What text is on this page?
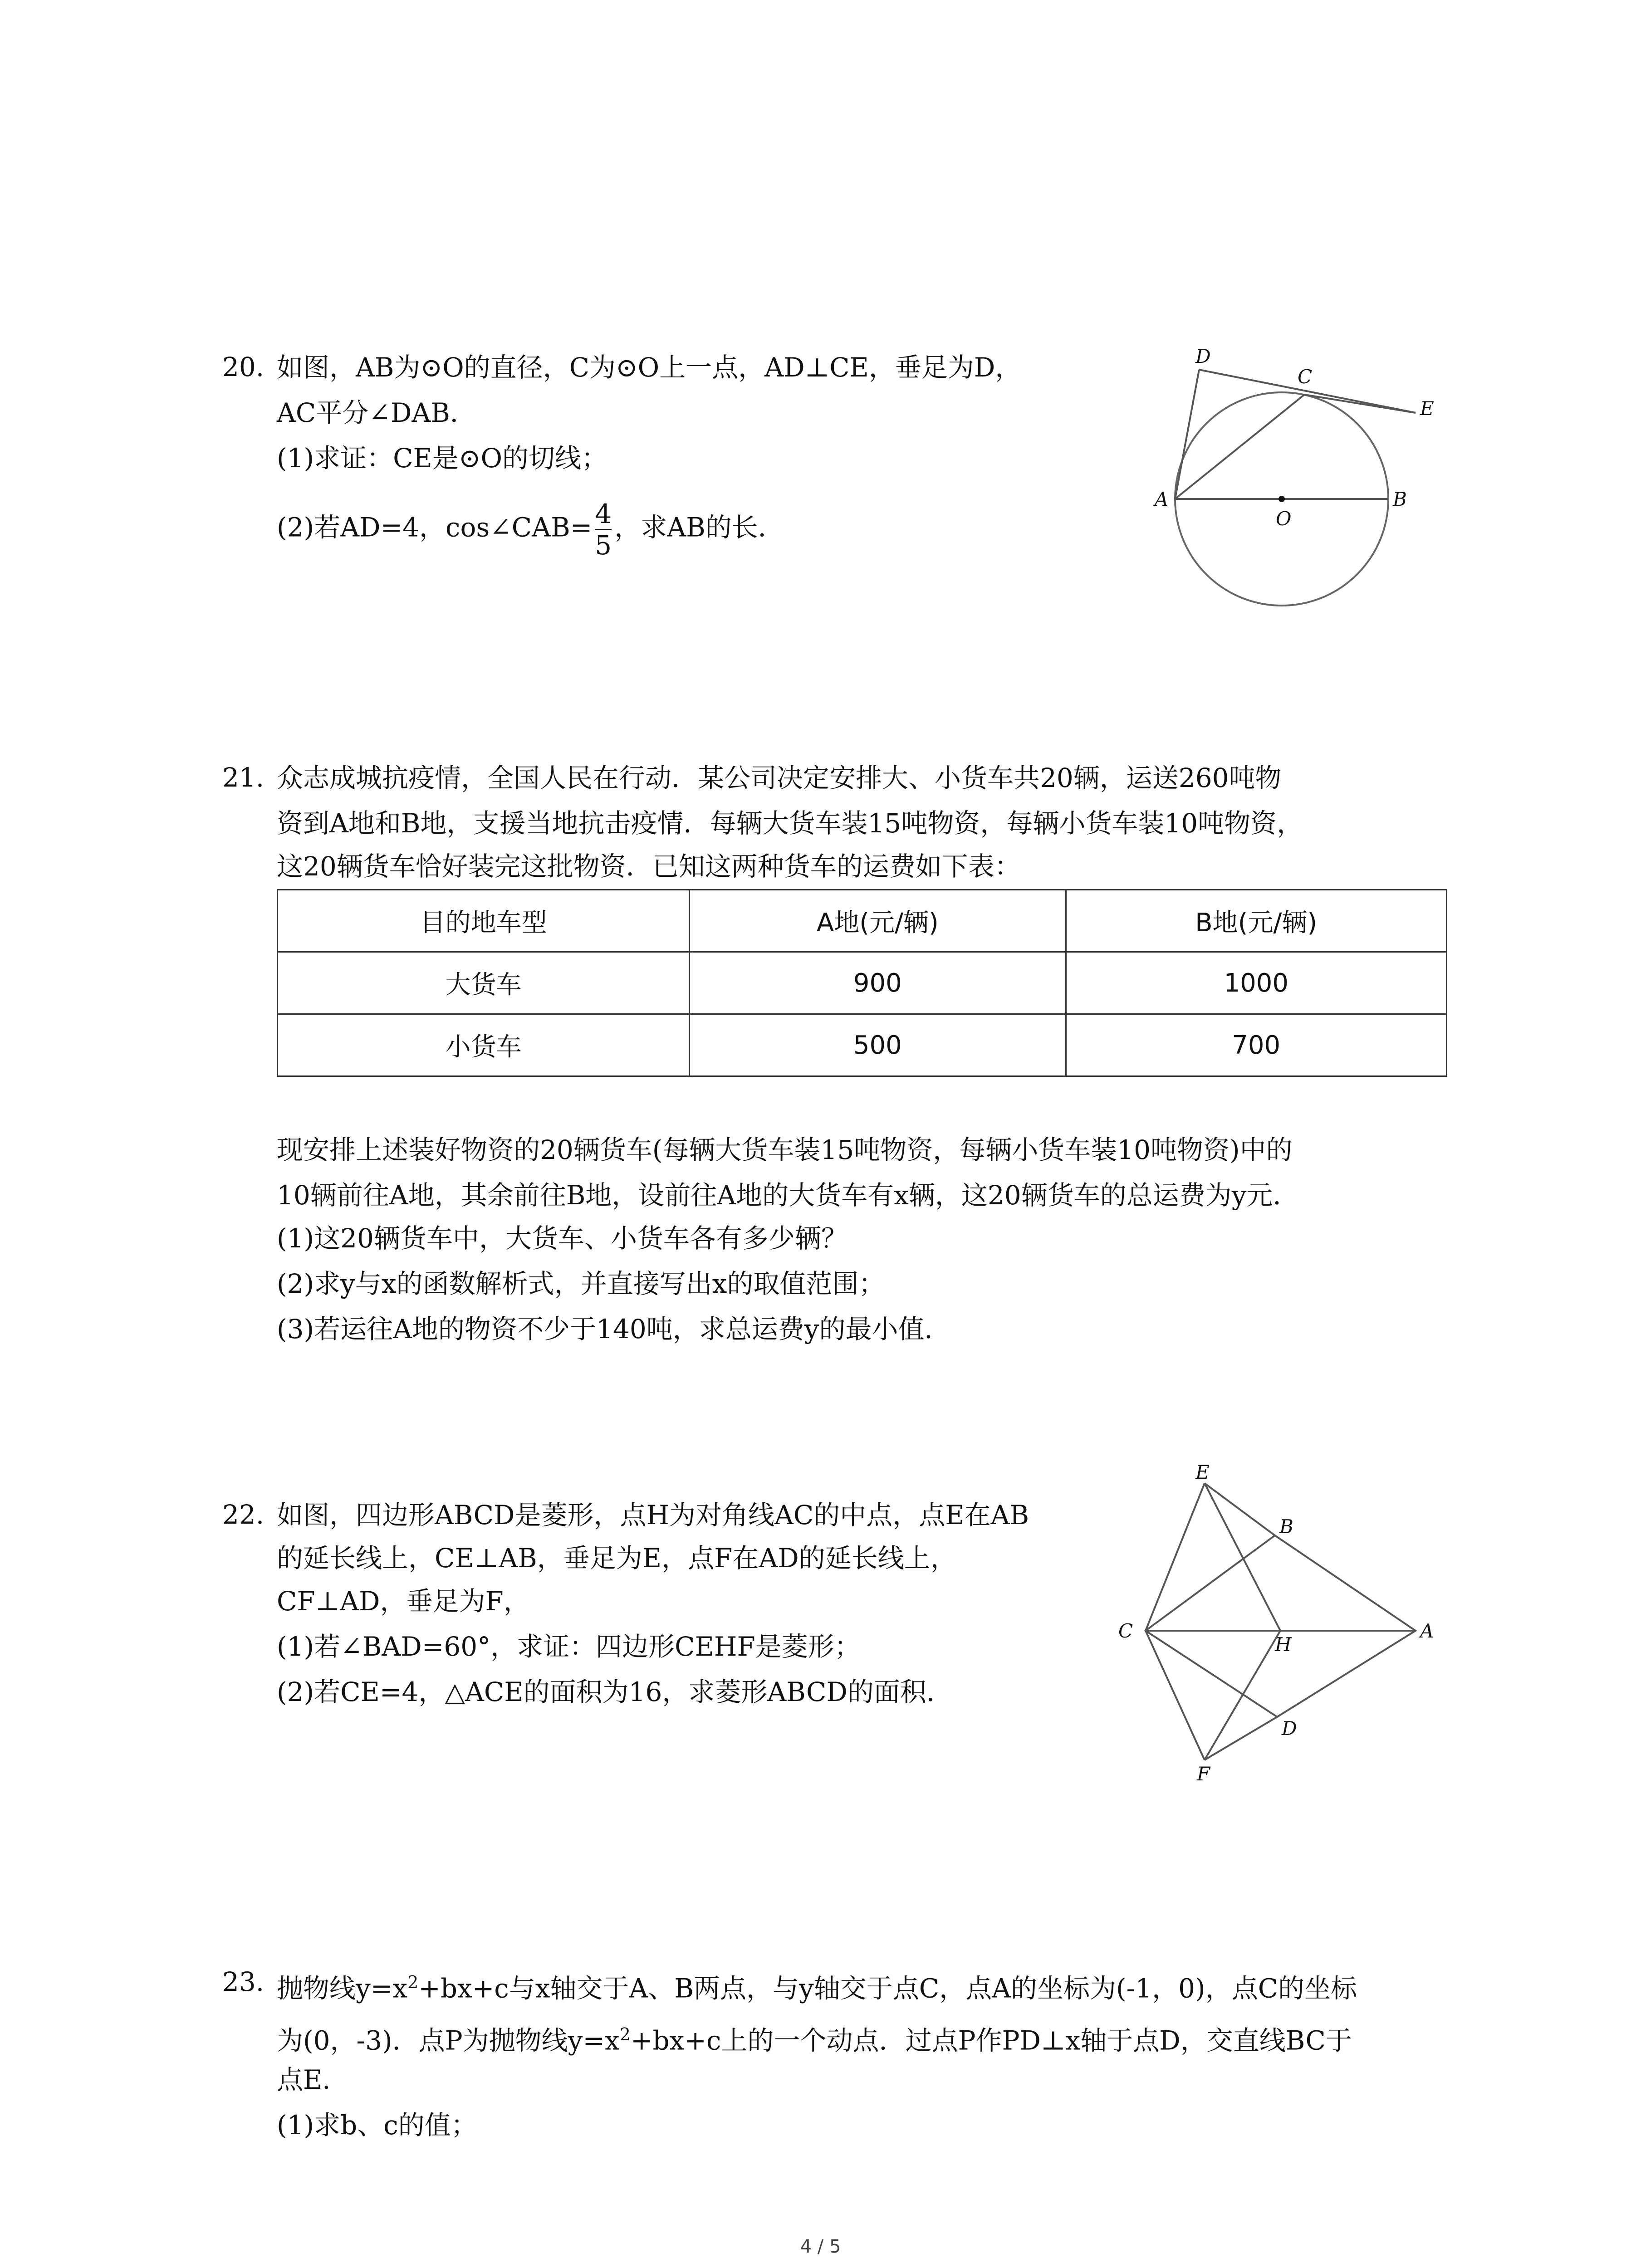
20. 如图，AB为⊙O的直径，C为⊙O上一点，AD⊥CE，垂足为D，
AC平分∠DAB．
(1)求证：CE是⊙O的切线；
(2)若AD=4，cos∠CAB= $\frac{4}{5}$ ，求AB的长．
D
C
E
A
O
B
21. 众志成城抗疫情，全国人民在行动．某公司决定安排大、小货车共20辆，运送260吨物
资到A地和B地，支援当地抗击疫情．每辆大货车装15吨物资，每辆小货车装10吨物资，
这20辆货车恰好装完这批物资．已知这两种货车的运费如下表：
目的地车型	A地(元/辆)	B地(元/辆)
大货车	900	1000
小货车	500	700
现安排上述装好物资的20辆货车(每辆大货车装15吨物资，每辆小货车装10吨物资)中的
10辆前往A地，其余前往B地，设前往A地的大货车有x辆，这20辆货车的总运费为y元．
(1)这20辆货车中，大货车、小货车各有多少辆？
(2)求y与x的函数解析式，并直接写出x的取值范围；
(3)若运往A地的物资不少于140吨，求总运费y的最小值．
22. 如图，四边形ABCD是菱形，点H为对角线AC的中点，点E在AB
的延长线上，CE⊥AB，垂足为E，点F在AD的延长线上，
CF⊥AD，垂足为F，
(1)若∠BAD=60°，求证：四边形CEHF是菱形；
(2)若CE=4，△ACE的面积为16，求菱形ABCD的面积．
E
B
C
H
A
D
F
23. 抛物线$y=x^2+bx+c$与x轴交于A、B两点，与y轴交于点C，点A的坐标为(-1，0)，点C的坐标
为(0，-3)．点P为抛物线$y=x^2+bx+c$上的一个动点．过点P作PD⊥x轴于点D，交直线BC于
点E．
(1)求b、c的值；
4 / 5
